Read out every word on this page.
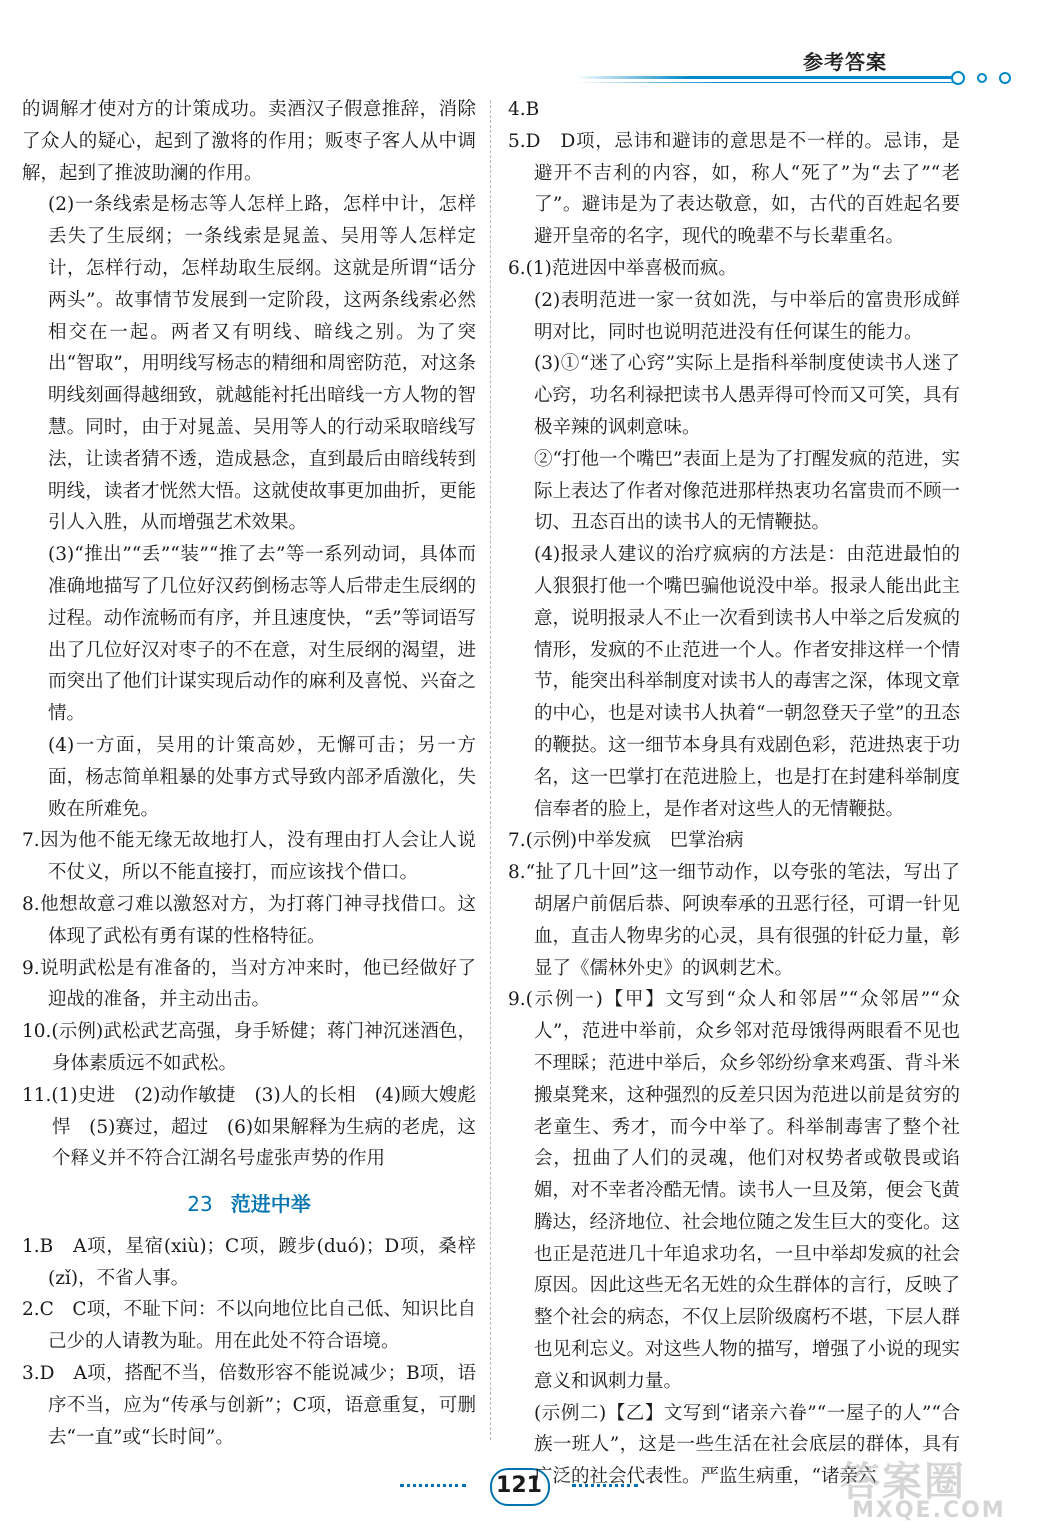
参考答案

的调解才使对方的计策成功。卖酒汉子假意推辞，消除了众人的疑心，起到了激将的作用；贩枣子客人从中调解，起到了推波助澜的作用。

(2)一条线索是杨志等人怎样上路，怎样中计，怎样丢失了生辰纲；一条线索是晁盖、吴用等人怎样定计，怎样行动，怎样劫取生辰纲。这就是所谓“话分两头”。故事情节发展到一定阶段，这两条线索必然相交在一起。两者又有明线、暗线之别。为了突出“智取”，用明线写杨志的精细和周密防范，对这条明线刻画得越细致，就越能衬托出暗线一方人物的智慧。同时，由于对晁盖、吴用等人的行动采取暗线写法，让读者猜不透，造成悬念，直到最后由暗线转到明线，读者才恍然大悟。这就使故事更加曲折，更能引人入胜，从而增强艺术效果。

(3)“推出”“丢”“装”“推了去”等一系列动词，具体而准确地描写了几位好汉药倒杨志等人后带走生辰纲的过程。动作流畅而有序，并且速度快，“丢”等词语写出了几位好汉对枣子的不在意，对生辰纲的渴望，进而突出了他们计谋实现后动作的麻利及喜悦、兴奋之情。

(4)一方面，吴用的计策高妙，无懈可击；另一方面，杨志简单粗暴的处事方式导致内部矛盾激化，失败在所难免。

7.因为他不能无缘无故地打人，没有理由打人会让人说不仗义，所以不能直接打，而应该找个借口。

8.他想故意刁难以激怒对方，为打蒋门神寻找借口。这体现了武松有勇有谋的性格特征。

9.说明武松是有准备的，当对方冲来时，他已经做好了迎战的准备，并主动出击。

10.(示例)武松武艺高强，身手矫健；蒋门神沉迷酒色，身体素质远不如武松。

11.(1)史进　(2)动作敏捷　(3)人的长相　(4)顾大嫂彪悍　(5)赛过，超过　(6)如果解释为生病的老虎，这个释义并不符合江湖名号虚张声势的作用

23 范进中举

1.B　A项，星宿(xiù)；C项，踱步(duó)；D项，桑梓(zǐ)，不省人事。

2.C　C项，不耻下问：不以向地位比自己低、知识比自己少的人请教为耻。用在此处不符合语境。

3.D　A项，搭配不当，倍数形容不能说减少；B项，语序不当，应为“传承与创新”；C项，语意重复，可删去“一直”或“长时间”。

4.B

5.D　D项，忌讳和避讳的意思是不一样的。忌讳，是避开不吉利的内容，如，称人“死了”为“去了”“老了”。避讳是为了表达敬意，如，古代的百姓起名要避开皇帝的名字，现代的晚辈不与长辈重名。

6.(1)范进因中举喜极而疯。

(2)表明范进一家一贫如洗，与中举后的富贵形成鲜明对比，同时也说明范进没有任何谋生的能力。

(3)①“迷了心窍”实际上是指科举制度使读书人迷了心窍，功名利禄把读书人愚弄得可怜而又可笑，具有极辛辣的讽刺意味。

②“打他一个嘴巴”表面上是为了打醒发疯的范进，实际上表达了作者对像范进那样热衷功名富贵而不顾一切、丑态百出的读书人的无情鞭挞。

(4)报录人建议的治疗疯病的方法是：由范进最怕的人狠狠打他一个嘴巴骗他说没中举。报录人能出此主意，说明报录人不止一次看到读书人中举之后发疯的情形，发疯的不止范进一个人。作者安排这样一个情节，能突出科举制度对读书人的毒害之深，体现文章的中心，也是对读书人执着“一朝忽登天子堂”的丑态的鞭挞。这一细节本身具有戏剧色彩，范进热衷于功名，这一巴掌打在范进脸上，也是打在封建科举制度信奉者的脸上，是作者对这些人的无情鞭挞。

7.(示例)中举发疯　巴掌治病

8.“扯了几十回”这一细节动作，以夸张的笔法，写出了胡屠户前倨后恭、阿谀奉承的丑恶行径，可谓一针见血，直击人物卑劣的心灵，具有很强的针砭力量，彰显了《儒林外史》的讽刺艺术。

9.(示例一)【甲】文写到“众人和邻居”“众邻居”“众人”，范进中举前，众乡邻对范母饿得两眼看不见也不理睬；范进中举后，众乡邻纷纷拿来鸡蛋、背斗米搬桌凳来，这种强烈的反差只因为范进以前是贫穷的老童生、秀才，而今中举了。科举制毒害了整个社会，扭曲了人们的灵魂，他们对权势者或敬畏或谄媚，对不幸者冷酷无情。读书人一旦及第，便会飞黄腾达，经济地位、社会地位随之发生巨大的变化。这也正是范进几十年追求功名，一旦中举却发疯的社会原因。因此这些无名无姓的众生群体的言行，反映了整个社会的病态，不仅上层阶级腐朽不堪，下层人群也见利忘义。对这些人物的描写，增强了小说的现实意义和讽刺力量。

(示例二)【乙】文写到“诸亲六眷”“一屋子的人”“合族一班人”，这是一些生活在社会底层的群体，具有广泛的社会代表性。严监生病重，“诸亲六

121	答案圈
MXQE.COM
